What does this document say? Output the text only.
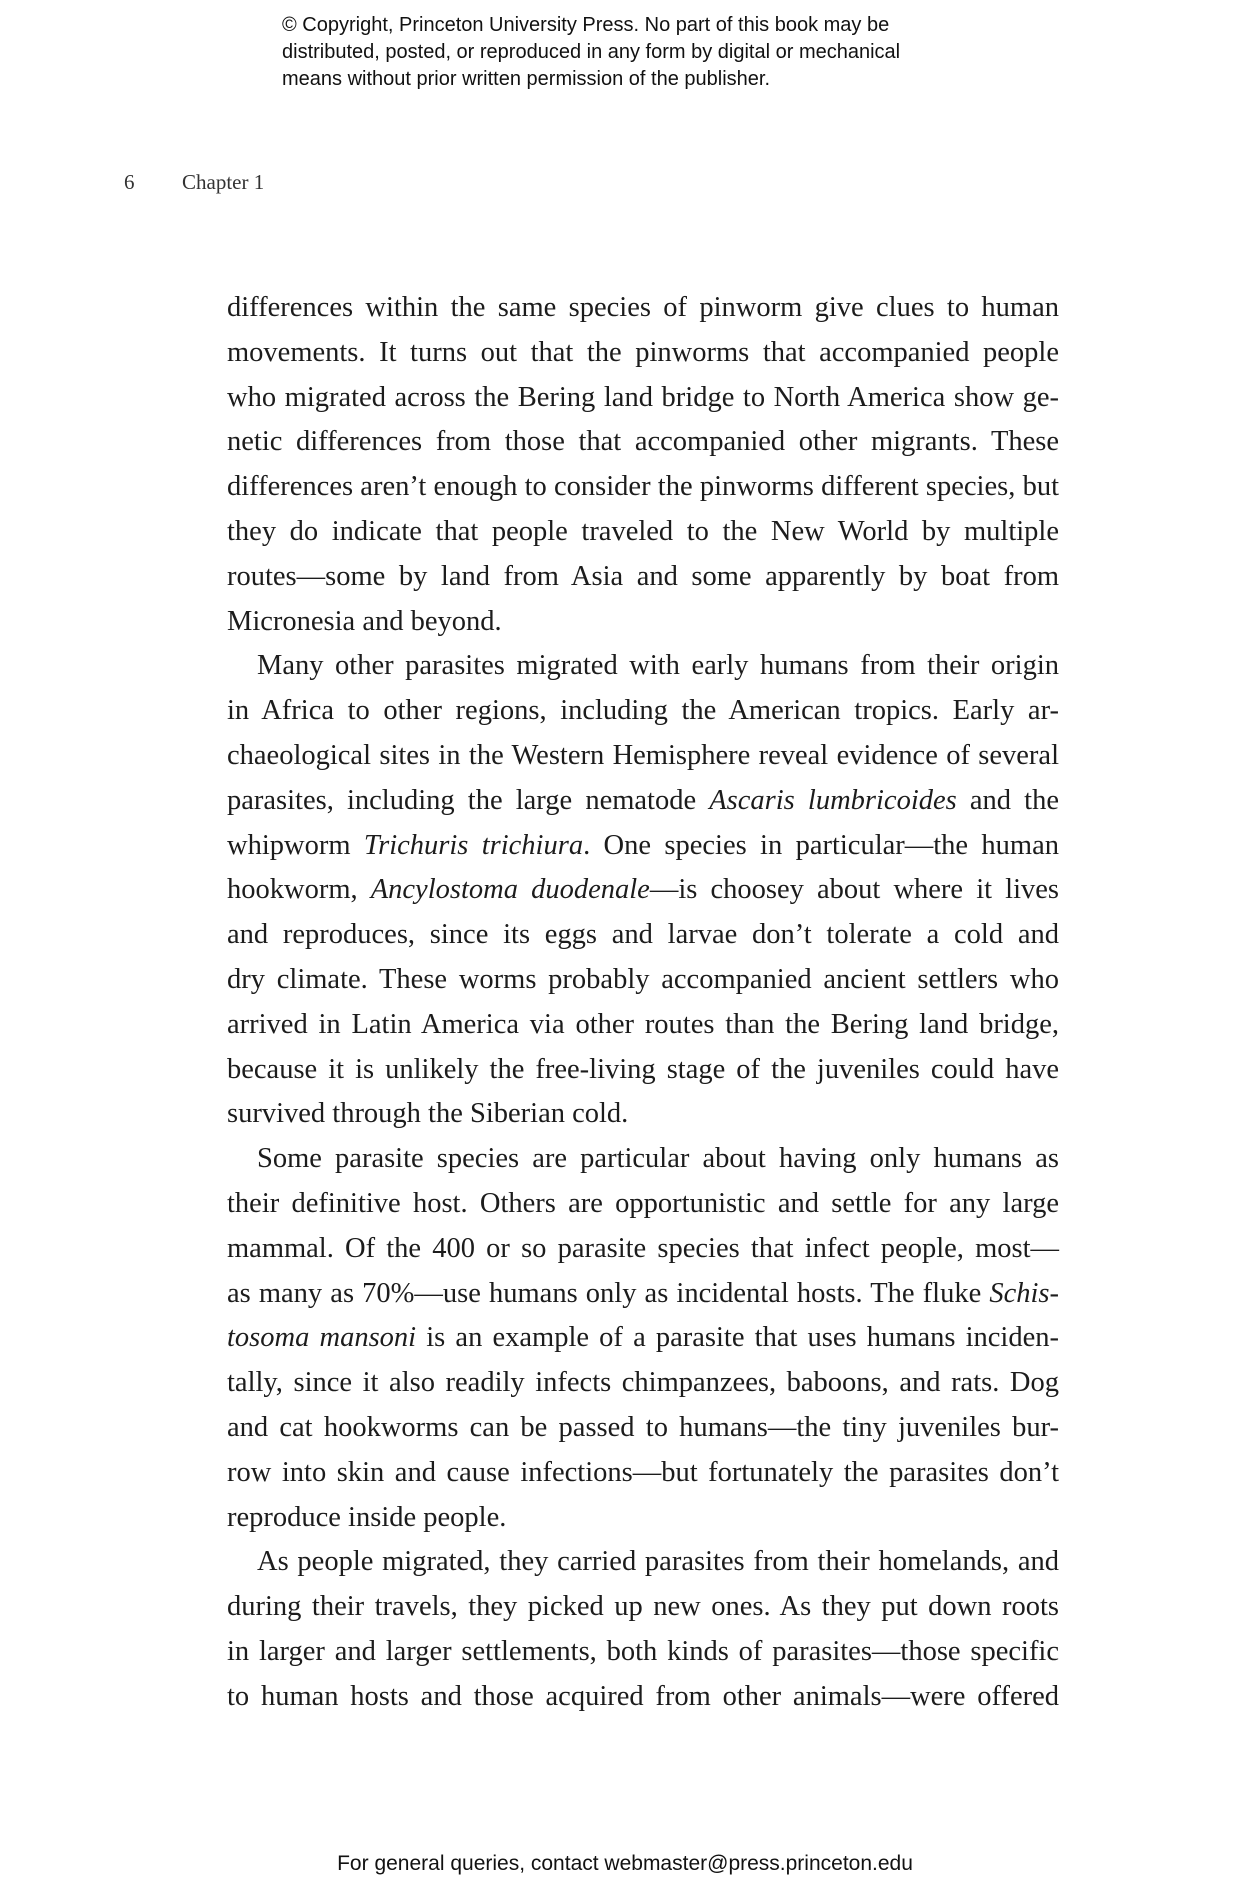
© Copyright, Princeton University Press. No part of this book may be
distributed, posted, or reproduced in any form by digital or mechanical
means without prior written permission of the publisher.
6 Chapter 1
differences within the same species of pinworm give clues to human
movements. It turns out that the pinworms that accompanied people
who migrated across the Bering land bridge to North America show ge-
netic differences from those that accompanied other migrants. These
differences aren’t enough to consider the pinworms different species, but
they do indicate that people traveled to the New World by multiple
routes—some by land from Asia and some apparently by boat from
Micronesia and beyond.
Many other parasites migrated with early humans from their origin
in Africa to other regions, including the American tropics. Early ar-
chaeological sites in the Western Hemisphere reveal evidence of several
parasites, including the large nematode Ascaris lumbricoides and the
whipworm Trichuris trichiura. One species in particular—the human
hookworm, Ancylostoma duodenale—is choosey about where it lives
and reproduces, since its eggs and larvae don’t tolerate a cold and
dry climate. These worms probably accompanied ancient settlers who
arrived in Latin America via other routes than the Bering land bridge,
because it is unlikely the free-living stage of the juveniles could have
survived through the Siberian cold.
Some parasite species are particular about having only humans as
their definitive host. Others are opportunistic and settle for any large
mammal. Of the 400 or so parasite species that infect people, most—
as many as 70%—use humans only as incidental hosts. The fluke Schis-
tosoma mansoni is an example of a parasite that uses humans inciden-
tally, since it also readily infects chimpanzees, baboons, and rats. Dog
and cat hookworms can be passed to humans—the tiny juveniles bur-
row into skin and cause infections—but fortunately the parasites don’t
reproduce inside people.
As people migrated, they carried parasites from their homelands, and
during their travels, they picked up new ones. As they put down roots
in larger and larger settlements, both kinds of parasites—those specific
to human hosts and those acquired from other animals—were offered
For general queries, contact webmaster@press.princeton.edu
